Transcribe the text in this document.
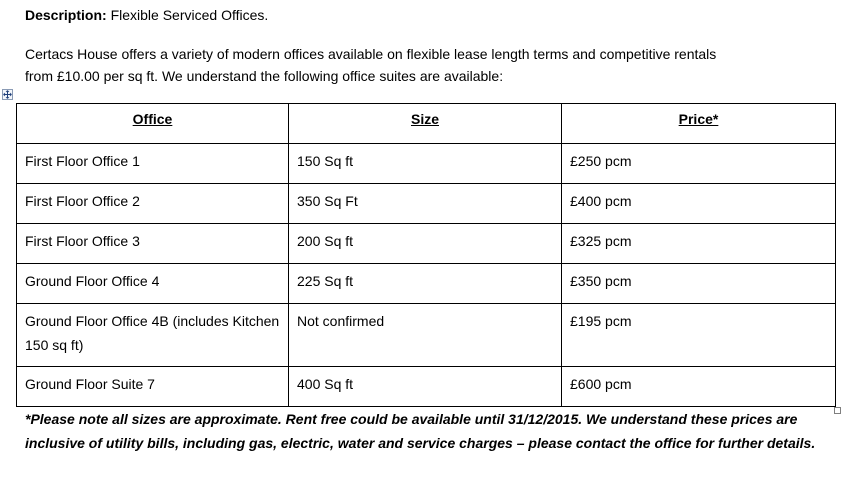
Description: Flexible Serviced Offices.
Certacs House offers a variety of modern offices available on flexible lease length terms and competitive rentals
from £10.00 per sq ft. We understand the following office suites are available:
Office	Size	Price*
First Floor Office 1	150 Sq ft	£250 pcm
First Floor Office 2	350 Sq Ft	£400 pcm
First Floor Office 3	200 Sq ft	£325 pcm
Ground Floor Office 4	225 Sq ft	£350 pcm
Ground Floor Office 4B (includes Kitchen 150 sq ft)	Not confirmed	£195 pcm
Ground Floor Suite 7	400 Sq ft	£600 pcm
*Please note all sizes are approximate. Rent free could be available until 31/12/2015. We understand these prices are inclusive of utility bills, including gas, electric, water and service charges – please contact the office for further details.
